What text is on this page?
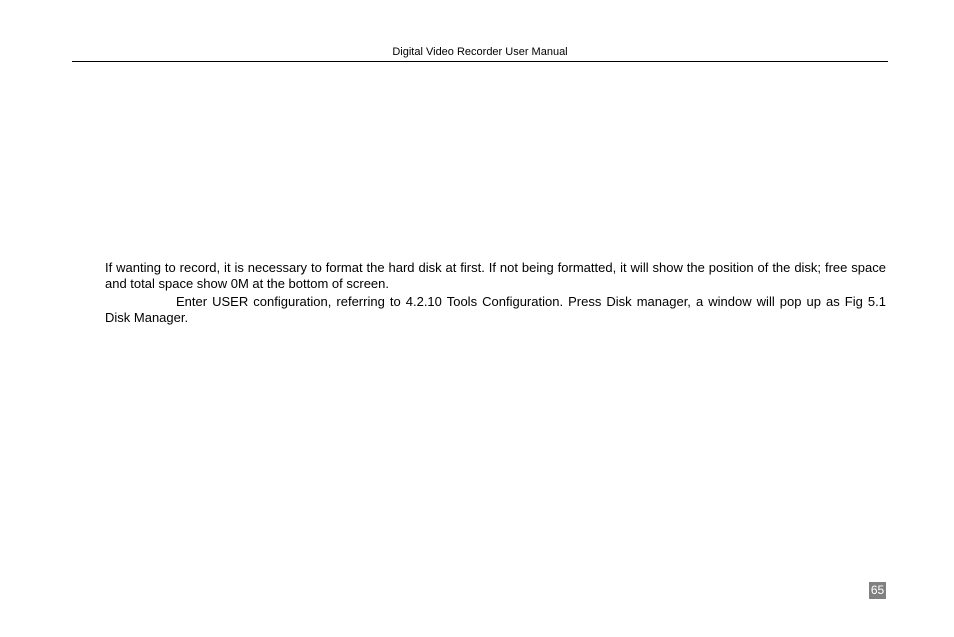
Digital Video Recorder User Manual

If wanting to record, it is necessary to format the hard disk at first. If not being formatted, it will show the position of the disk; free space and total space show 0M at the bottom of screen.

Enter USER configuration, referring to 4.2.10 Tools Configuration. Press Disk manager, a window will pop up as Fig 5.1 Disk Manager.

65
